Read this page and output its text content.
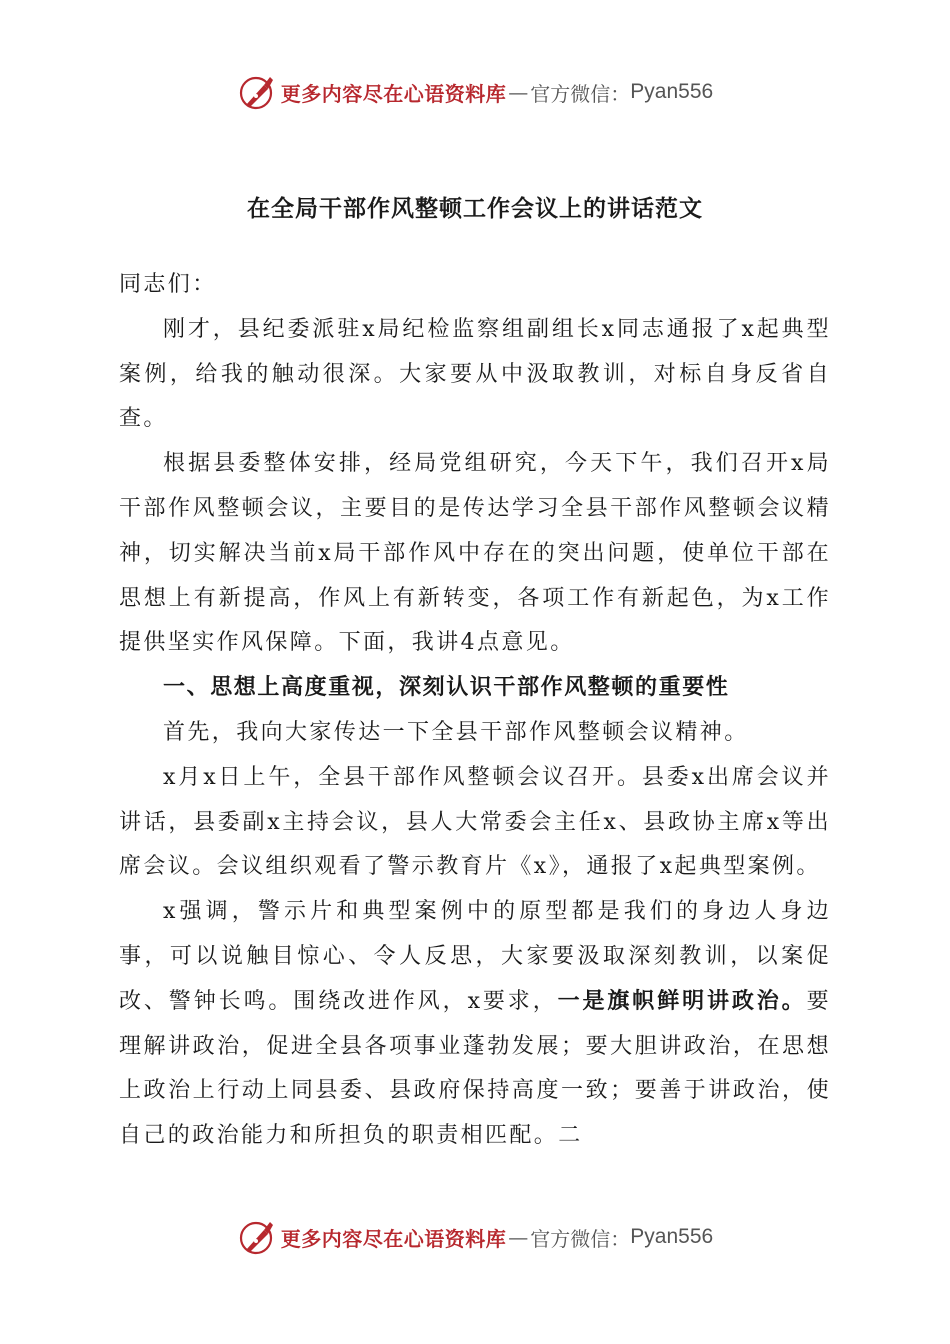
更多内容尽在心语资料库 — 官方微信： Pyan556
在全局干部作风整顿工作会议上的讲话范文

同志们：

刚才，县纪委派驻x局纪检监察组副组长x同志通报了x起典型案例，给我的触动很深。大家要从中汲取教训，对标自身反省自查。

根据县委整体安排，经局党组研究，今天下午，我们召开x局干部作风整顿会议，主要目的是传达学习全县干部作风整顿会议精神，切实解决当前x局干部作风中存在的突出问题，使单位干部在思想上有新提高，作风上有新转变，各项工作有新起色，为x工作提供坚实作风保障。下面，我讲4点意见。

一、思想上高度重视，深刻认识干部作风整顿的重要性

首先，我向大家传达一下全县干部作风整顿会议精神。

x月x日上午，全县干部作风整顿会议召开。县委x出席会议并讲话，县委副x主持会议，县人大常委会主任x、县政协主席x等出席会议。会议组织观看了警示教育片《x》，通报了x起典型案例。

x强调，警示片和典型案例中的原型都是我们的身边人身边事，可以说触目惊心、令人反思，大家要汲取深刻教训，以案促改、警钟长鸣。围绕改进作风，x要求，一是旗帜鲜明讲政治。要理解讲政治，促进全县各项事业蓬勃发展；要大胆讲政治，在思想上政治上行动上同县委、县政府保持高度一致；要善于讲政治，使自己的政治能力和所担负的职责相匹配。二

更多内容尽在心语资料库 — 官方微信： Pyan556
